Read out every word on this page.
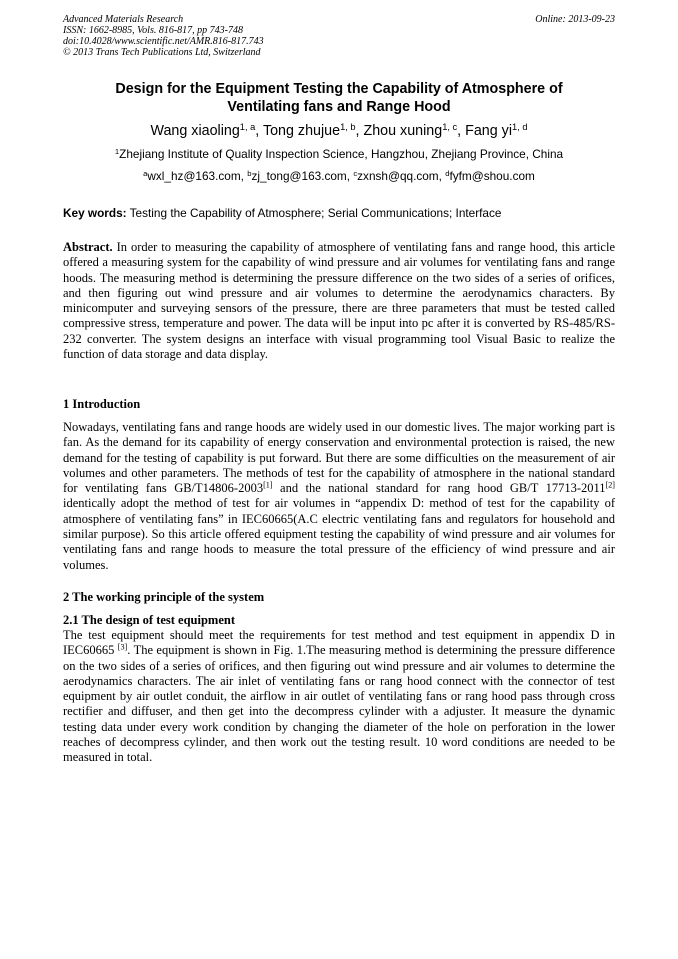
Advanced Materials Research
ISSN: 1662-8985, Vols. 816-817, pp 743-748
doi:10.4028/www.scientific.net/AMR.816-817.743
© 2013 Trans Tech Publications Ltd, Switzerland
Online: 2013-09-23
Design for the Equipment Testing the Capability of Atmosphere of
Ventilating fans and Range Hood
Wang xiaoling$^{1, a}$, Tong zhujue$^{1, b}$, Zhou xuning$^{1, c}$, Fang yi$^{1, d}$
$^1$Zhejiang Institute of Quality Inspection Science, Hangzhou, Zhejiang Province, China
$^a$wxl_hz@163.com, $^b$zj_tong@163.com, $^c$zxnsh@qq.com, $^d$fyfm@shou.com
Key words: Testing the Capability of Atmosphere; Serial Communications; Interface

Abstract. In order to measuring the capability of atmosphere of ventilating fans and range hood, this article offered a measuring system for the capability of wind pressure and air volumes for ventilating fans and range hoods. The measuring method is determining the pressure difference on the two sides of a series of orifices, and then figuring out wind pressure and air volumes to determine the aerodynamics characters. By minicomputer and surveying sensors of the pressure, there are three parameters that must be tested called compressive stress, temperature and power. The data will be input into pc after it is converted by RS-485/RS-232 converter. The system designs an interface with visual programming tool Visual Basic to realize the function of data storage and data display.

1 Introduction

Nowadays, ventilating fans and range hoods are widely used in our domestic lives. The major working part is fan. As the demand for its capability of energy conservation and environmental protection is raised, the new demand for the testing of capability is put forward. But there are some difficulties on the measurement of air volumes and other parameters. The methods of test for the capability of atmosphere in the national standard for ventilating fans GB/T14806-2003[1] and the national standard for rang hood GB/T 17713-2011[2] identically adopt the method of test for air volumes in “appendix D: method of test for the capability of atmosphere of ventilating fans” in IEC60665(A.C electric ventilating fans and regulators for household and similar purpose). So this article offered equipment testing the capability of wind pressure and air volumes for ventilating fans and range hoods to measure the total pressure of the efficiency of wind pressure and air volumes.

2 The working principle of the system
2.1 The design of test equipment

The test equipment should meet the requirements for test method and test equipment in appendix D in IEC60665 [3]. The equipment is shown in Fig. 1.The measuring method is determining the pressure difference on the two sides of a series of orifices, and then figuring out wind pressure and air volumes to determine the aerodynamics characters. The air inlet of ventilating fans or rang hood connect with the connector of test equipment by air outlet conduit, the airflow in air outlet of ventilating fans or rang hood pass through cross rectifier and diffuser, and then get into the decompress cylinder with a adjuster. It measure the dynamic testing data under every work condition by changing the diameter of the hole on perforation in the lower reaches of decompress cylinder, and then work out the testing result. 10 word conditions are needed to be measured in total.
